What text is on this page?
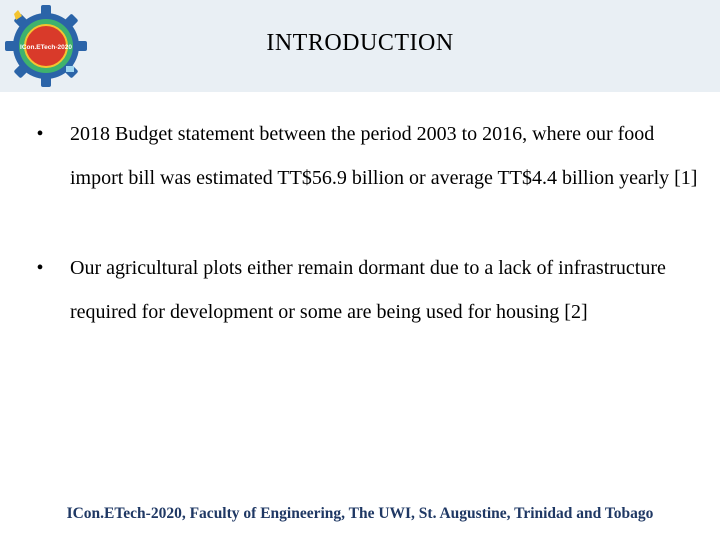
ICon.ETech-2020	INTRODUCTION
•	2018 Budget statement between the period 2003 to 2016, where our food import bill was estimated TT$56.9 billion or average TT$4.4 billion yearly [1]
•	Our agricultural plots either remain dormant due to a lack of infrastructure required for development or some are being used for housing [2]
ICon.ETech-2020, Faculty of Engineering, The UWI, St. Augustine, Trinidad and Tobago
